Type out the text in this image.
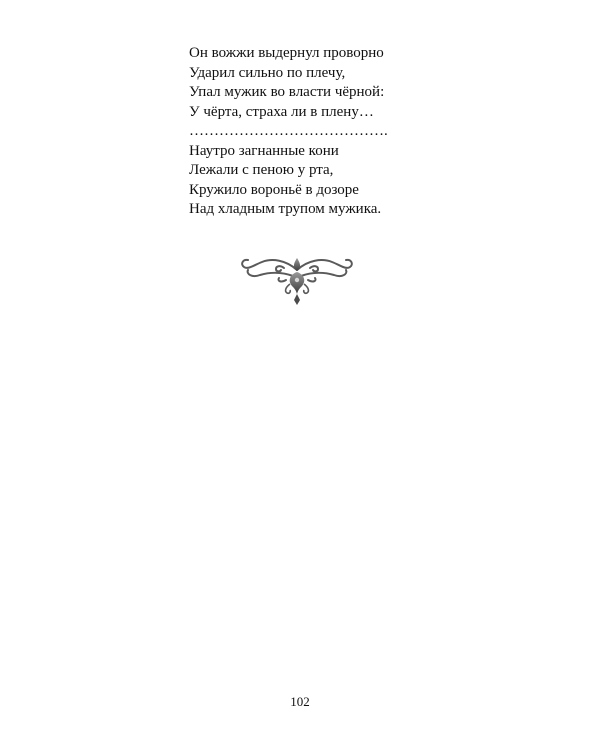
Он вожжи выдернул проворно
Ударил сильно по плечу,
Упал мужик во власти чёрной:
У чёрта, страха ли в плену…
………………………………….
Наутро загнанные кони
Лежали с пеною у рта,
Кружило вороньё в дозоре
Над хладным трупом мужика.
102
